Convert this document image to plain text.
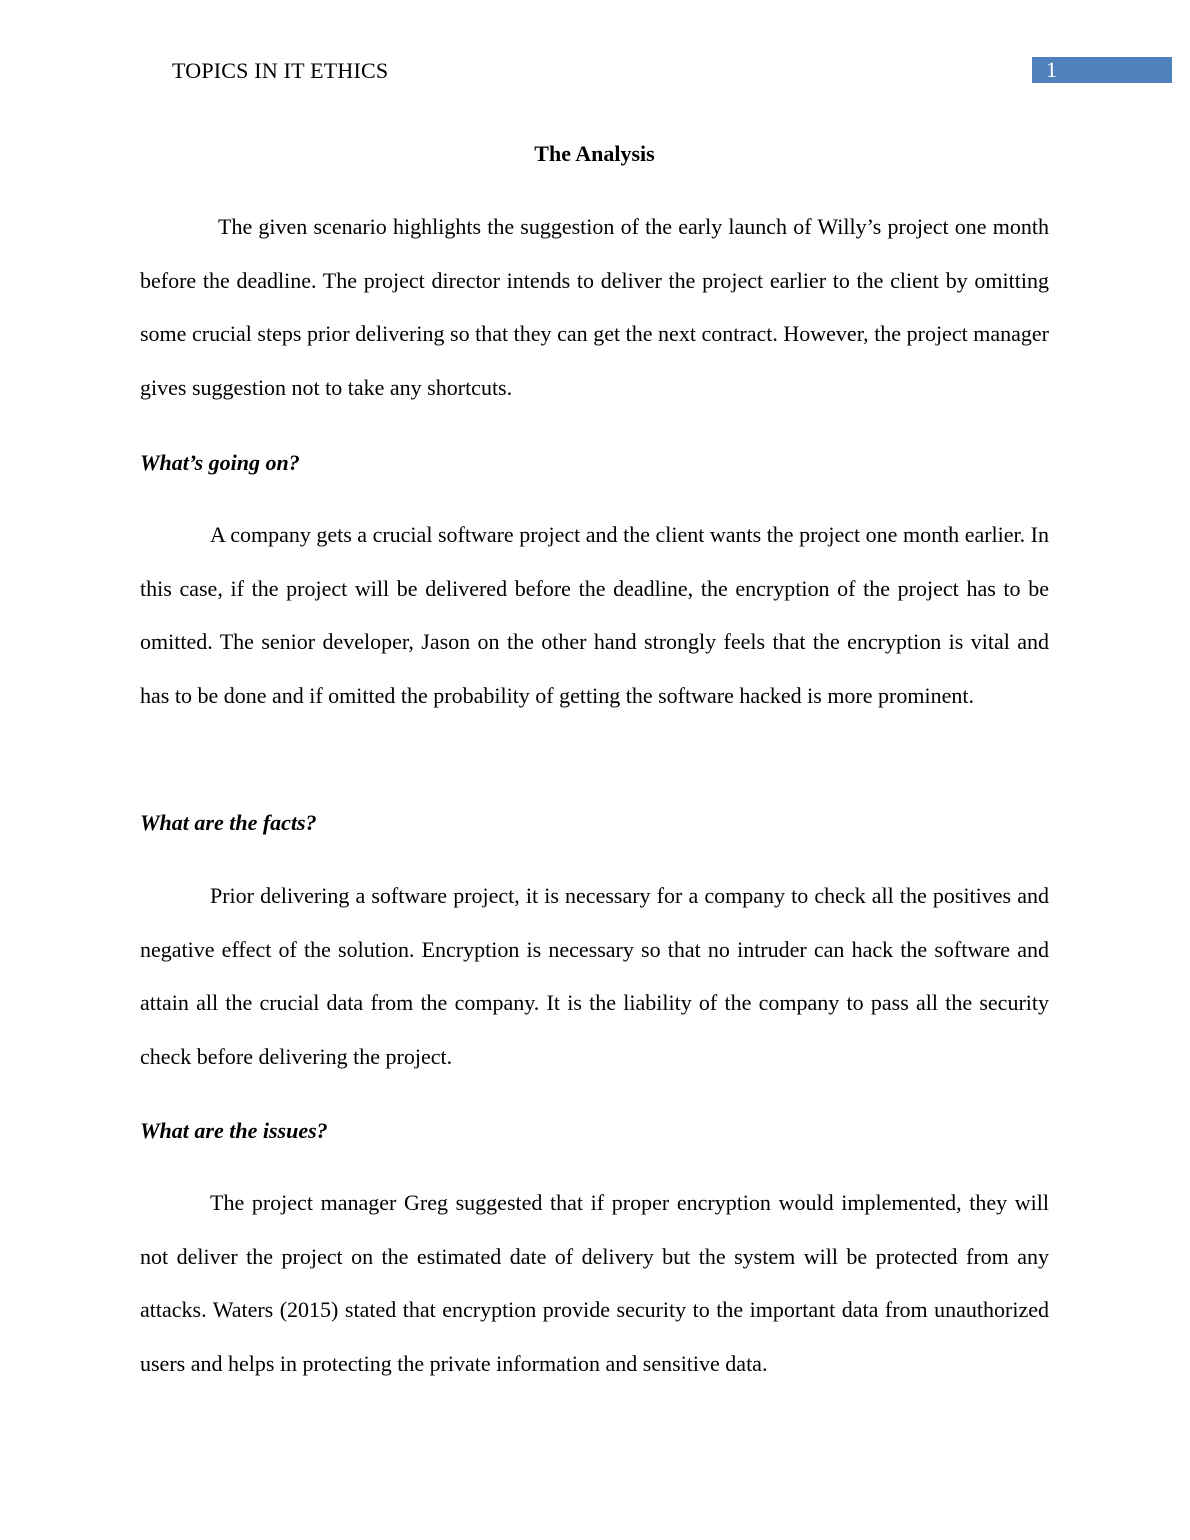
TOPICS IN IT ETHICS	1
The Analysis

The given scenario highlights the suggestion of the early launch of Willy’s project one month before the deadline. The project director intends to deliver the project earlier to the client by omitting some crucial steps prior delivering so that they can get the next contract. However, the project manager gives suggestion not to take any shortcuts.

What’s going on?

A company gets a crucial software project and the client wants the project one month earlier. In this case, if the project will be delivered before the deadline, the encryption of the project has to be omitted. The senior developer, Jason on the other hand strongly feels that the encryption is vital and has to be done and if omitted the probability of getting the software hacked is more prominent.

What are the facts?

Prior delivering a software project, it is necessary for a company to check all the positives and negative effect of the solution. Encryption is necessary so that no intruder can hack the software and attain all the crucial data from the company. It is the liability of the company to pass all the security check before delivering the project.

What are the issues?

The project manager Greg suggested that if proper encryption would implemented, they will not deliver the project on the estimated date of delivery but the system will be protected from any attacks. Waters (2015) stated that encryption provide security to the important data from unauthorized users and helps in protecting the private information and sensitive data.
